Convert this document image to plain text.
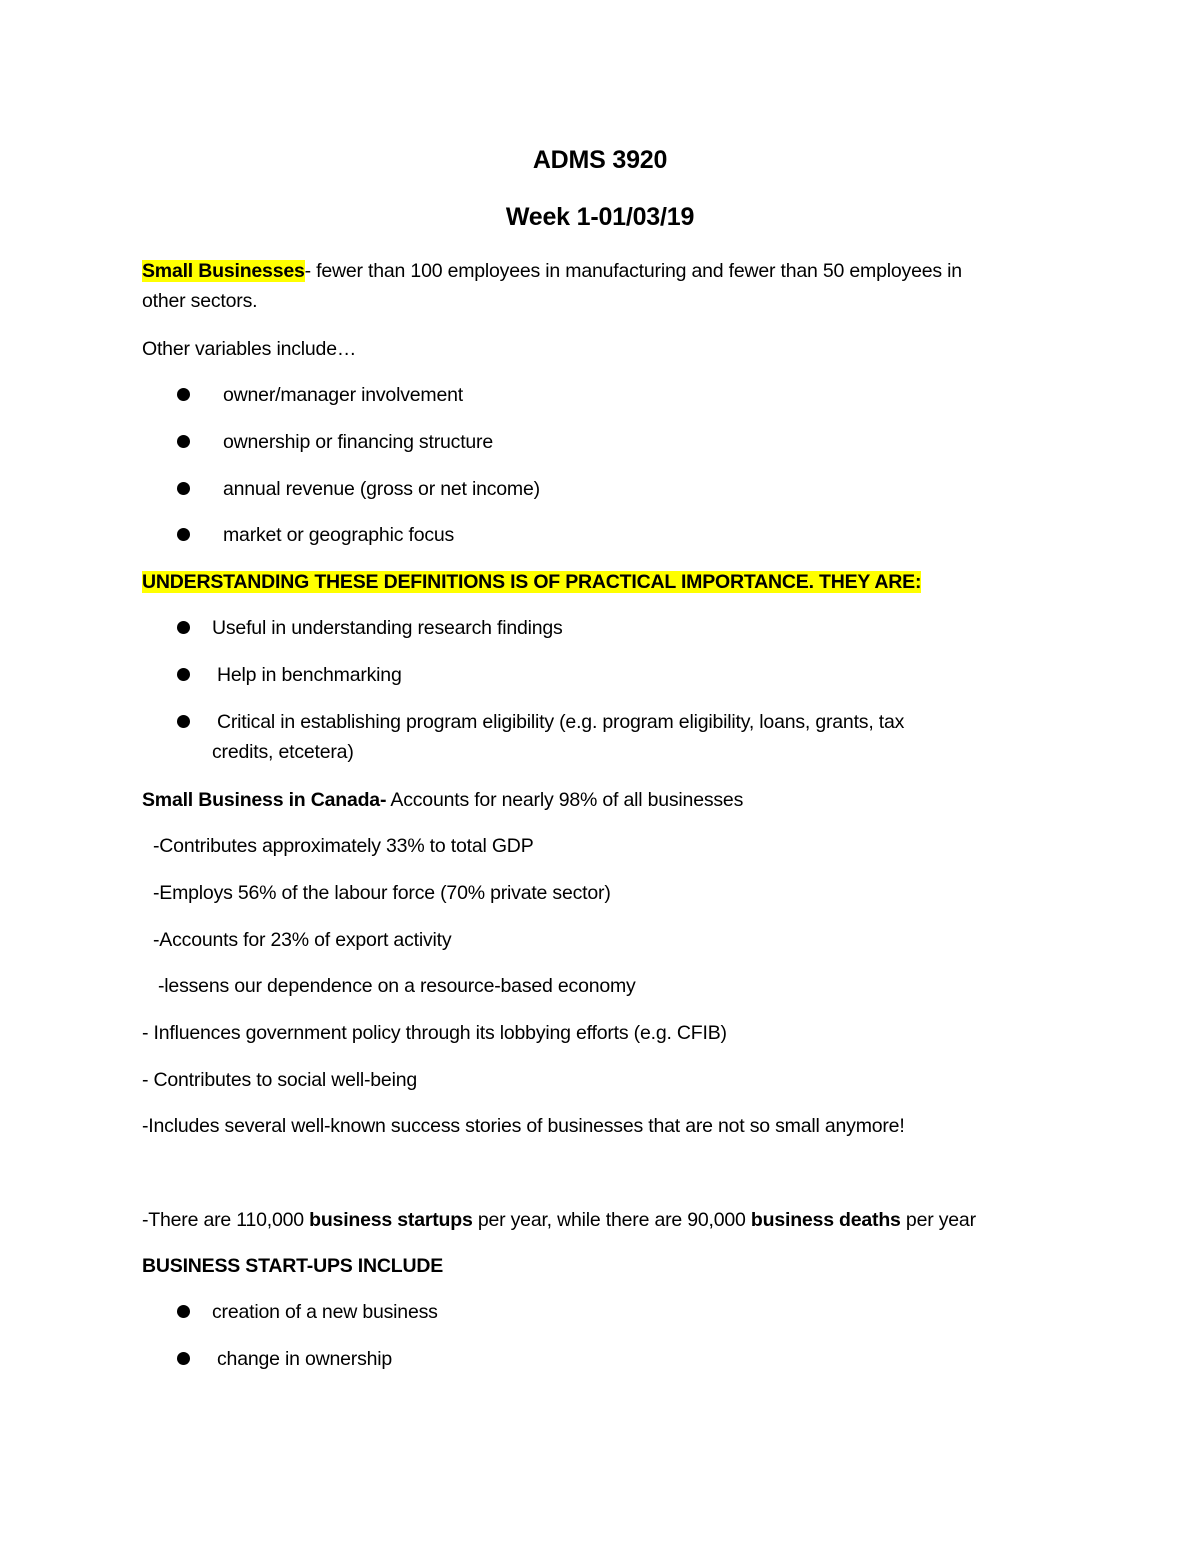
ADMS 3920
Week 1-01/03/19
Small Businesses- fewer than 100 employees in manufacturing and fewer than 50 employees in
other sectors.
Other variables include…
owner/manager involvement
ownership or financing structure
annual revenue (gross or net income)
market or geographic focus
UNDERSTANDING THESE DEFINITIONS IS OF PRACTICAL IMPORTANCE. THEY ARE:
Useful in understanding research findings
Help in benchmarking
Critical in establishing program eligibility (e.g. program eligibility, loans, grants, tax
credits, etcetera)
Small Business in Canada- Accounts for nearly 98% of all businesses
-Contributes approximately 33% to total GDP
-Employs 56% of the labour force (70% private sector)
-Accounts for 23% of export activity
-lessens our dependence on a resource-based economy
- Influences government policy through its lobbying efforts (e.g. CFIB)
- Contributes to social well-being
-Includes several well-known success stories of businesses that are not so small anymore!
-There are 110,000 business startups per year, while there are 90,000 business deaths per year
BUSINESS START-UPS INCLUDE
creation of a new business
change in ownership
